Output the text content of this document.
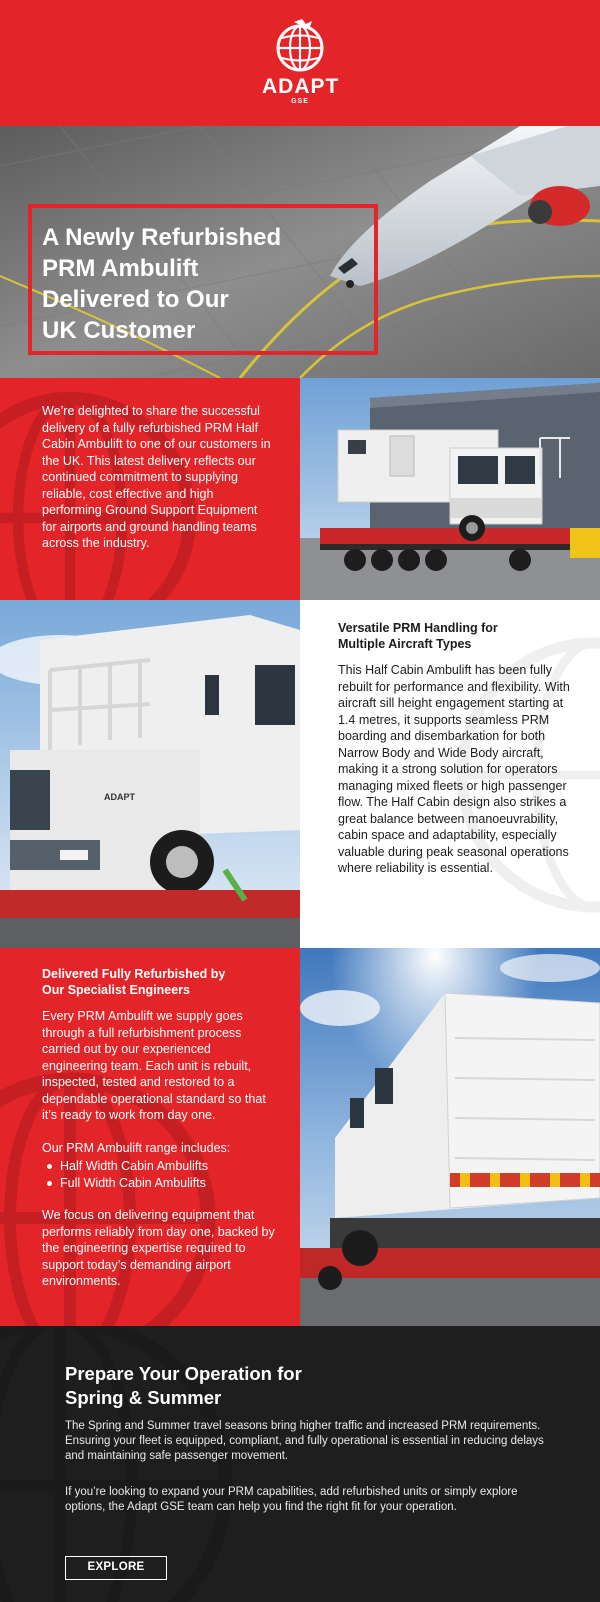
ADAPT
GSE
A Newly Refurbished
PRM Ambulift
Delivered to Our
UK Customer
We’re delighted to share the successful delivery of a fully refurbished PRM Half Cabin Ambulift to one of our customers in the UK. This latest delivery reflects our continued commitment to supplying reliable, cost effective and high performing Ground Support Equipment for airports and ground handling teams across the industry.
ADAPT
Versatile PRM Handling for
Multiple Aircraft Types
This Half Cabin Ambulift has been fully rebuilt for performance and flexibility. With aircraft sill height engagement starting at 1.4 metres, it supports seamless PRM boarding and disembarkation for both Narrow Body and Wide Body aircraft, making it a strong solution for operators managing mixed fleets or high passenger flow. The Half Cabin design also strikes a great balance between manoeuvrability, cabin space and adaptability, especially valuable during peak seasonal operations where reliability is essential.
Delivered Fully Refurbished by
Our Specialist Engineers
Every PRM Ambulift we supply goes through a full refurbishment process carried out by our experienced engineering team. Each unit is rebuilt, inspected, tested and restored to a dependable operational standard so that it’s ready to work from day one.
Our PRM Ambulift range includes:
Half Width Cabin Ambulifts
Full Width Cabin Ambulifts
We focus on delivering equipment that performs reliably from day one, backed by the engineering expertise required to support today’s demanding airport environments.
Prepare Your Operation for
Spring & Summer
The Spring and Summer travel seasons bring higher traffic and increased PRM requirements. Ensuring your fleet is equipped, compliant, and fully operational is essential in reducing delays and maintaining safe passenger movement.
If you’re looking to expand your PRM capabilities, add refurbished units or simply explore options, the Adapt GSE team can help you find the right fit for your operation.
EXPLORE
